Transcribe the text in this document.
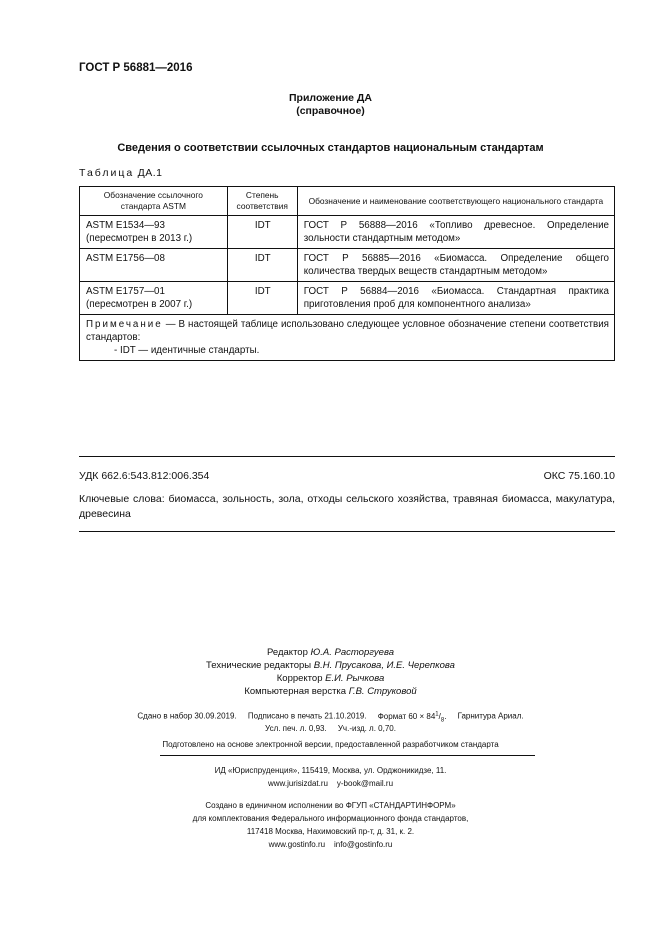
ГОСТ Р 56881—2016
Приложение ДА
(справочное)
Сведения о соответствии ссылочных стандартов национальным стандартам
Таблица ДА.1
Обозначение ссылочного стандарта ASTM	Степень соответствия	Обозначение и наименование соответствующего национального стандарта

ASTM E1534—93
(пересмотрен в 2013 г.)	IDT	ГОСТ Р 56888—2016 «Топливо древесное. Определение зольности стандартным методом»

ASTM E1756—08	IDT	ГОСТ Р 56885—2016 «Биомасса. Определение общего количества твердых веществ стандартным методом»

ASTM E1757—01
(пересмотрен в 2007 г.)	IDT	ГОСТ Р 56884—2016 «Биомасса. Стандартная практика приготовления проб для компонентного анализа»

Примечание — В настоящей таблице использовано следующее условное обозначение степени соответствия стандартов:
- IDT — идентичные стандарты.		
УДК 662.6:543.812:006.354	ОКС 75.160.10
Ключевые слова: биомасса, зольность, зола, отходы сельского хозяйства, травяная биомасса, макулатура, древесина
Редактор Ю.А. Расторгуева
Технические редакторы В.Н. Прусакова, И.Е. Черепкова
Корректор Е.И. Рычкова
Компьютерная верстка Г.В. Струковой
Сдано в набор 30.09.2019. Подписано в печать 21.10.2019. Формат $60 \times 84^1/_8$. Гарнитура Ариал.
Усл. печ. л. 0,93. Уч.-изд. л. 0,70.
Подготовлено на основе электронной версии, предоставленной разработчиком стандарта
ИД «Юриспруденция», 115419, Москва, ул. Орджоникидзе, 11.
www.jurisizdat.ru y-book@mail.ru
Создано в единичном исполнении во ФГУП «СТАНДАРТИНФОРМ»
для комплектования Федерального информационного фонда стандартов,
117418 Москва, Нахимовский пр-т, д. 31, к. 2.
www.gostinfo.ru info@gostinfo.ru
